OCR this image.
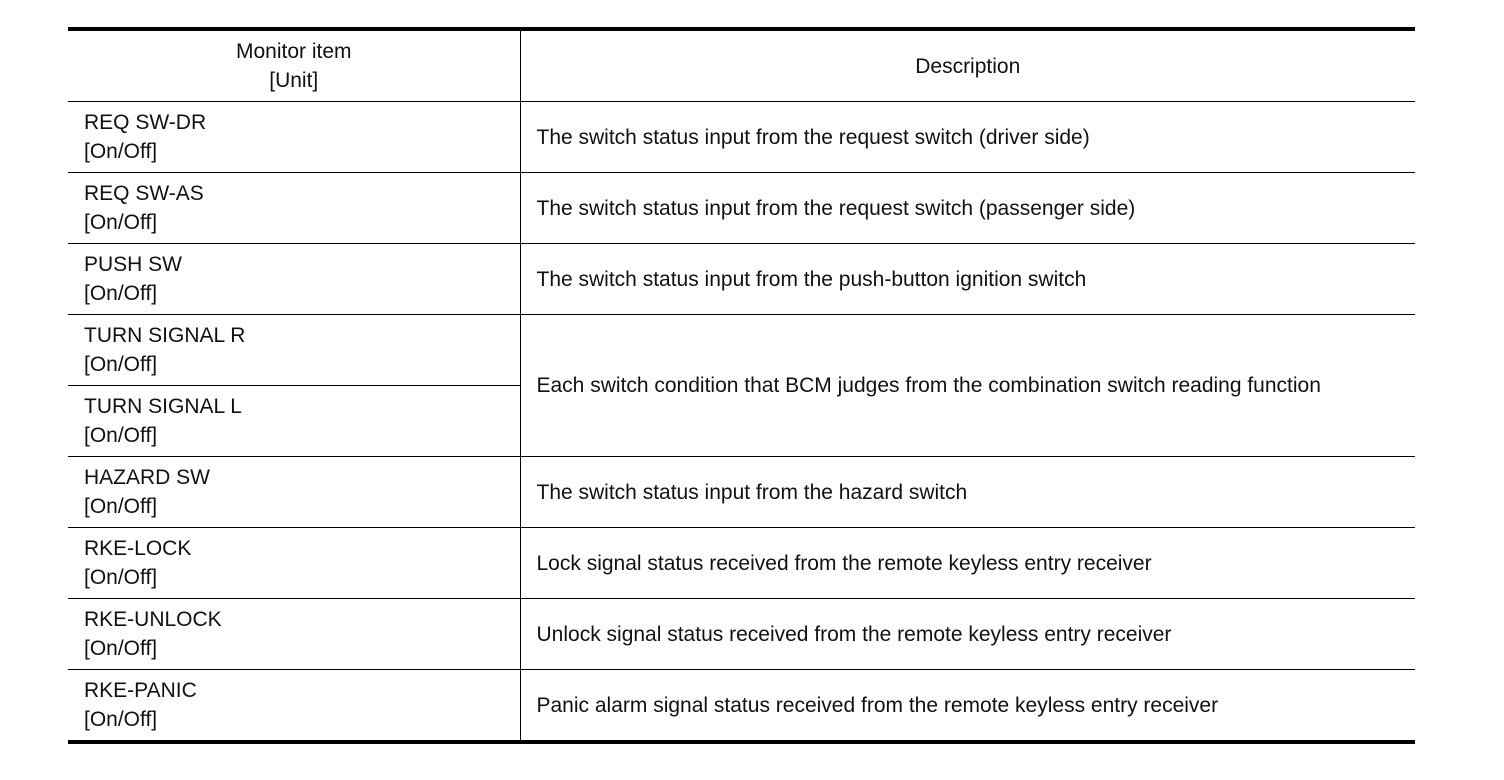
Monitor item
[Unit]	Description

REQ SW-DR
[On/Off]	The switch status input from the request switch (driver side)

REQ SW-AS
[On/Off]	The switch status input from the request switch (passenger side)

PUSH SW
[On/Off]	The switch status input from the push-button ignition switch

TURN SIGNAL R
[On/Off]	Each switch condition that BCM judges from the combination switch reading function

TURN SIGNAL L
[On/Off]	

HAZARD SW
[On/Off]	The switch status input from the hazard switch

RKE-LOCK
[On/Off]	Lock signal status received from the remote keyless entry receiver

RKE-UNLOCK
[On/Off]	Unlock signal status received from the remote keyless entry receiver

RKE-PANIC
[On/Off]	Panic alarm signal status received from the remote keyless entry receiver
